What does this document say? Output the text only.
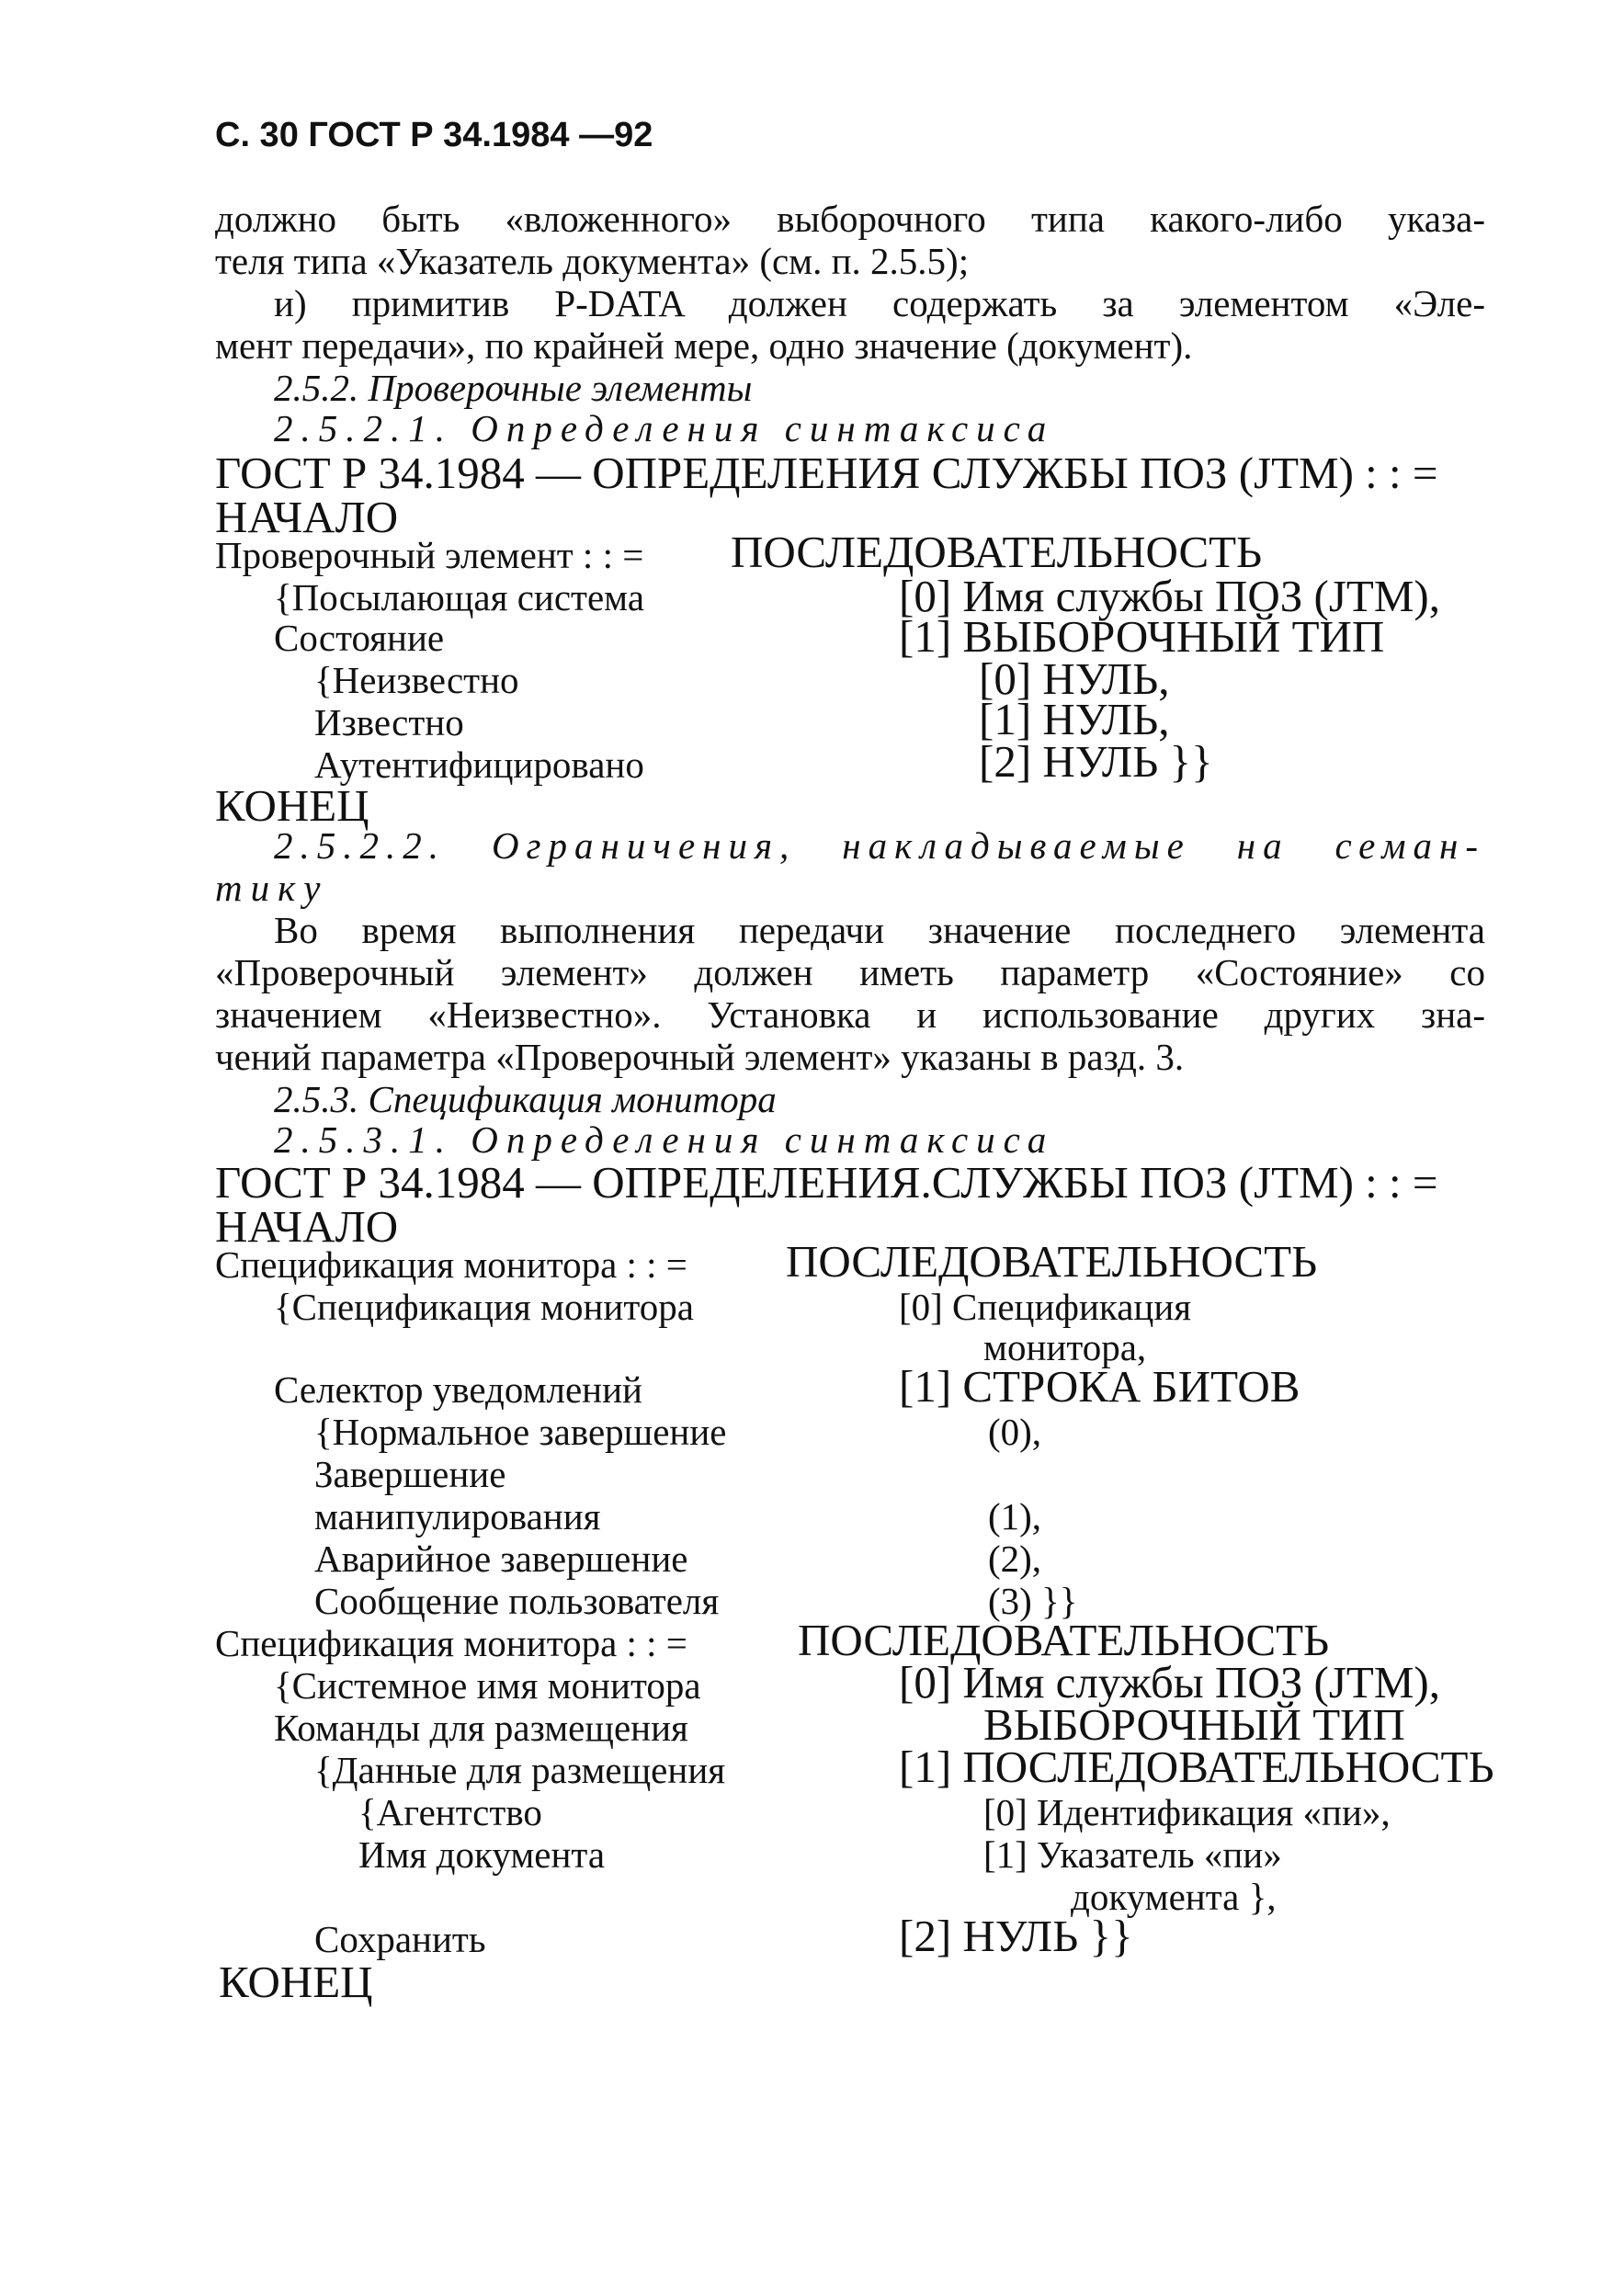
С. 30 ГОСТ Р 34.1984 —92
должно быть «вложенного» выборочного типа какого-либо указа-
теля типа «Указатель документа» (см. п. 2.5.5);
и) примитив P-DATA должен содержать за элементом «Эле-
мент передачи», по крайней мере, одно значение (документ).
2.5.2. Проверочные элементы
2.5.2.1. Определения синтаксиса
ГОСТ Р 34.1984 — ОПРЕДЕЛЕНИЯ СЛУЖБЫ ПОЗ (JTM) : : =
НАЧАЛО
Проверочный элемент : : = ПОСЛЕДОВАТЕЛЬНОСТЬ
{Посылающая система	[0] Имя службы ПОЗ (JTM),
Состояние	[1] ВЫБОРОЧНЫЙ ТИП
{Неизвестно	[0] НУЛЬ,
Известно	[1] НУЛЬ,
Аутентифицировано	[2] НУЛЬ }}
КОНЕЦ
2.5.2.2. Ограничения, накладываемые на семан-
тику
Во время выполнения передачи значение последнего элемента
«Проверочный элемент» должен иметь параметр «Состояние» со
значением «Неизвестно». Установка и использование других зна-
чений параметра «Проверочный элемент» указаны в разд. 3.
2.5.3. Спецификация монитора
2.5.3.1. Определения синтаксиса
ГОСТ Р 34.1984 — ОПРЕДЕЛЕНИЯ.СЛУЖБЫ ПОЗ (JTM) : : =
НАЧАЛО
Спецификация монитора : : = ПОСЛЕДОВАТЕЛЬНОСТЬ
{Спецификация монитора	[0] Спецификация
монитора,
Селектор уведомлений	[1] СТРОКА БИТОВ
{Нормальное завершение	(0),
Завершение
манипулирования	(1),
Аварийное завершение	(2),
Сообщение пользователя	(3) }}
Спецификация монитора : : = ПОСЛЕДОВАТЕЛЬНОСТЬ
{Системное имя монитора	[0] Имя службы ПОЗ (JTM),
Команды для размещения	ВЫБОРОЧНЫЙ ТИП
{Данные для размещения	[1] ПОСЛЕДОВАТЕЛЬНОСТЬ
{Агентство	[0] Идентификация «пи»,
Имя документа	[1] Указатель «пи»
документа },
Сохранить	[2] НУЛЬ }}
КОНЕЦ
